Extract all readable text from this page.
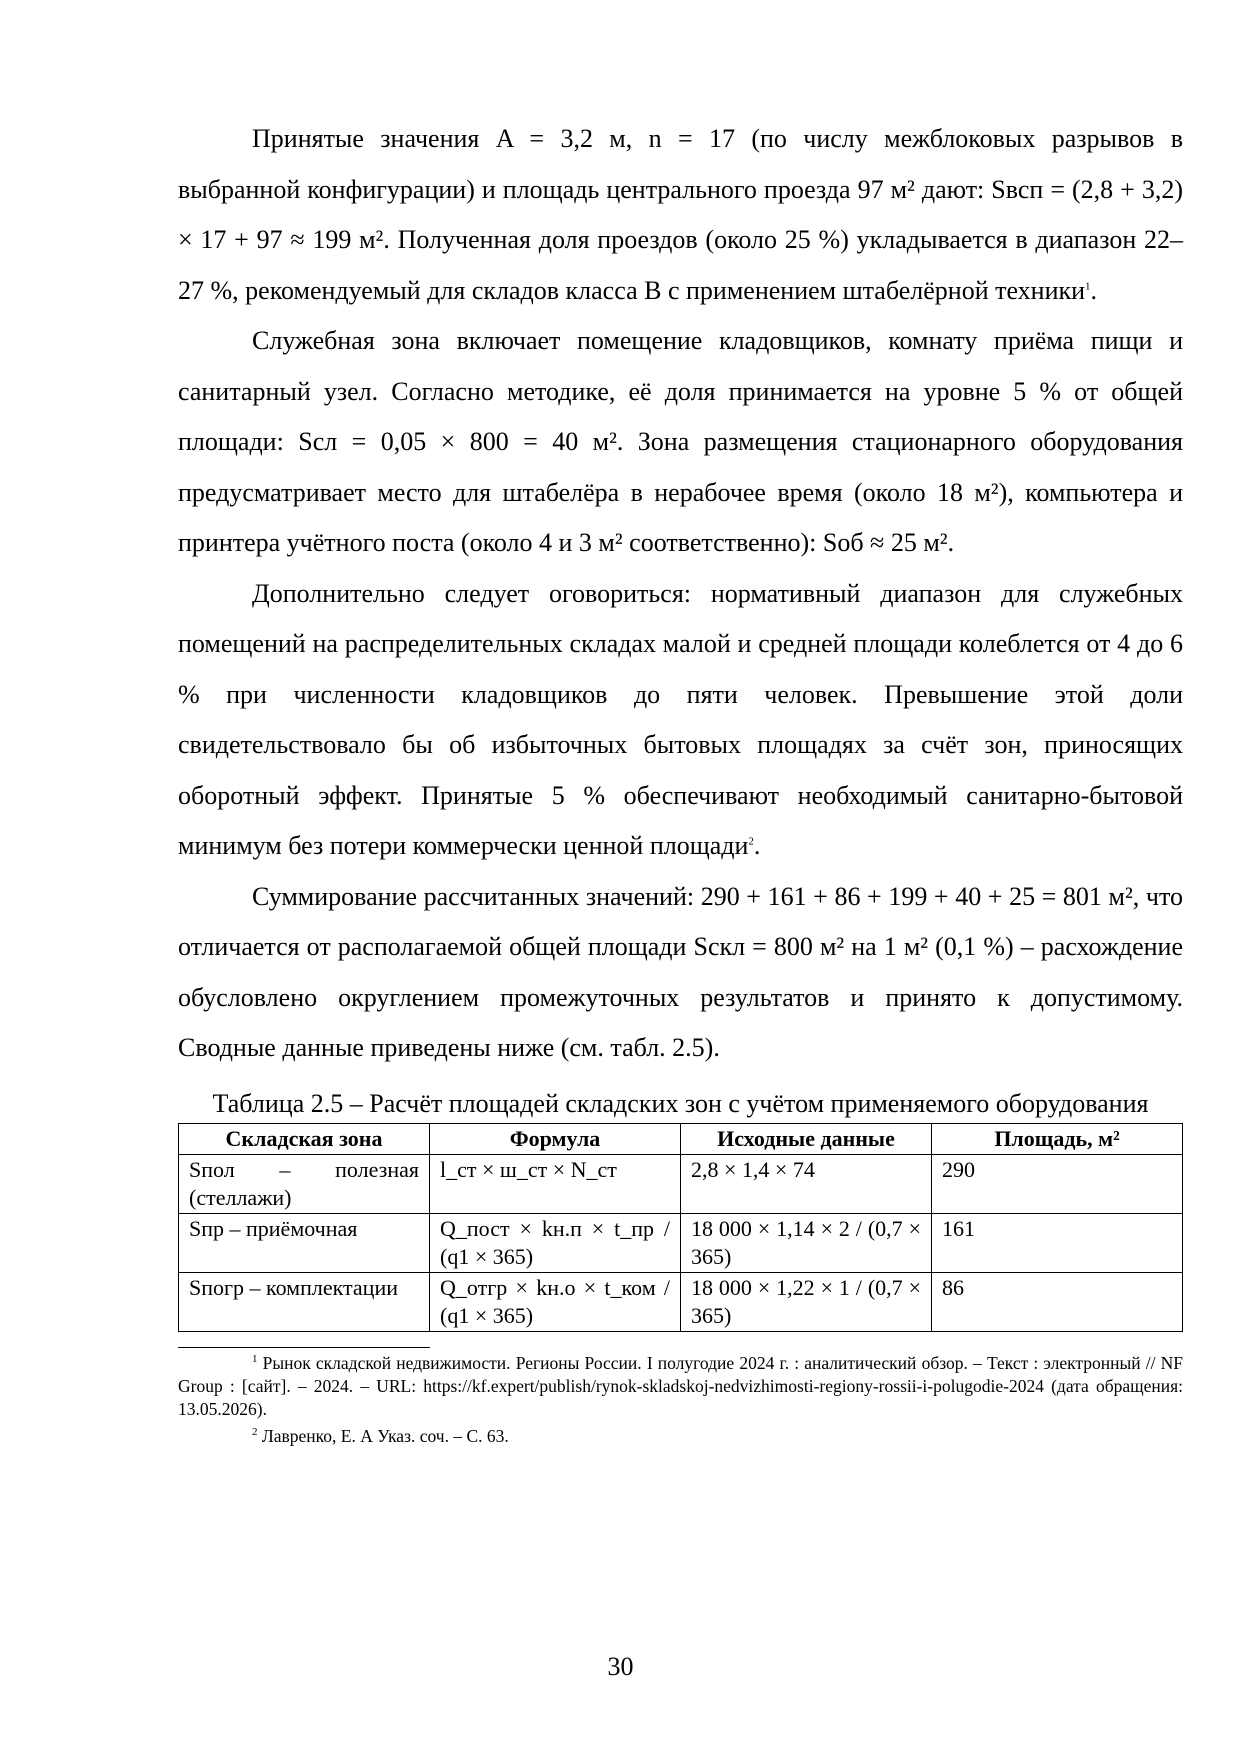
Принятые значения A = 3,2 м, n = 17 (по числу межблоковых разрывов в выбранной конфигурации) и площадь центрального проезда 97 м² дают: Sвсп = (2,8 + 3,2) × 17 + 97 ≈ 199 м². Полученная доля проездов (около 25 %) укладывается в диапазон 22–27 %, рекомендуемый для складов класса B с применением штабелёрной техники$^1$.

Служебная зона включает помещение кладовщиков, комнату приёма пищи и санитарный узел. Согласно методике, её доля принимается на уровне 5 % от общей площади: Sсл = 0,05 × 800 = 40 м². Зона размещения стационарного оборудования предусматривает место для штабелёра в нерабочее время (около 18 м²), компьютера и принтера учётного поста (около 4 и 3 м² соответственно): Sоб ≈ 25 м².

Дополнительно следует оговориться: нормативный диапазон для служебных помещений на распределительных складах малой и средней площади колеблется от 4 до 6 % при численности кладовщиков до пяти человек. Превышение этой доли свидетельствовало бы об избыточных бытовых площадях за счёт зон, приносящих оборотный эффект. Принятые 5 % обеспечивают необходимый санитарно-бытовой минимум без потери коммерчески ценной площади$^2$.

Суммирование рассчитанных значений: 290 + 161 + 86 + 199 + 40 + 25 = 801 м², что отличается от располагаемой общей площади Sскл = 800 м² на 1 м² (0,1 %) – расхождение обусловлено округлением промежуточных результатов и принято к допустимому. Сводные данные приведены ниже (см. табл. 2.5).

Таблица 2.5 – Расчёт площадей складских зон с учётом применяемого оборудования
Складская зона	Формула	Исходные данные	Площадь, м²
Sпол – полезная (стеллажи)	l_ст × ш_ст × N_ст	2,8 × 1,4 × 74	290
Sпр – приёмочная	Q_пост × kн.п × t_пр / (q1 × 365)	18 000 × 1,14 × 2 / (0,7 × 365)	161
Sпогр – комплектации	Q_отгр × kн.о × t_ком / (q1 × 365)	18 000 × 1,22 × 1 / (0,7 × 365)	86

$^1$ Рынок складской недвижимости. Регионы России. I полугодие 2024 г. : аналитический обзор. – Текст : электронный // NF Group : [сайт]. – 2024. – URL: https://kf.expert/publish/rynok-skladskoj-nedvizhimosti-regiony-rossii-i-polugodie-2024 (дата обращения: 13.05.2026).

$^2$ Лавренко, Е. А Указ. соч. – С. 63.

30
